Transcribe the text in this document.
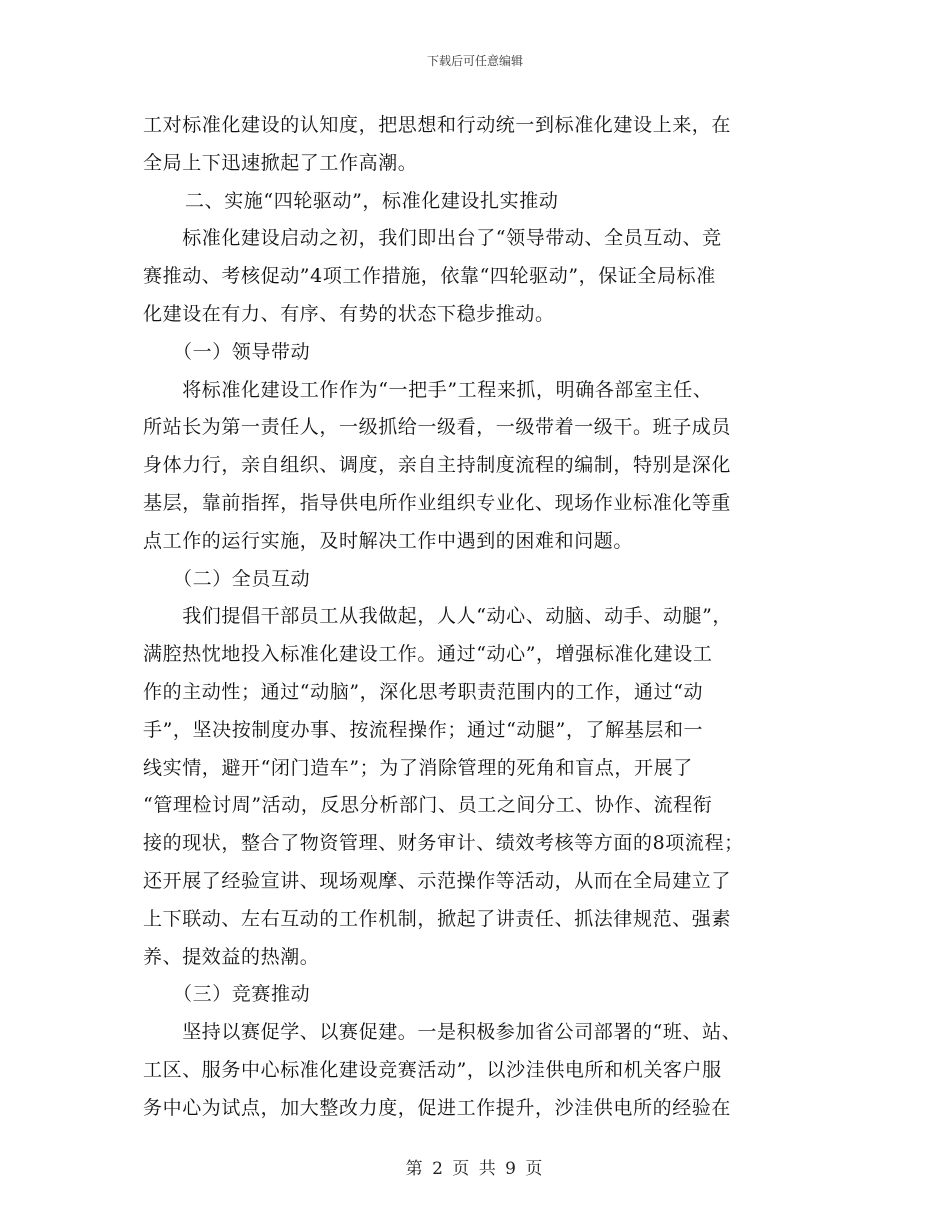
下载后可任意编辑
工对标准化建设的认知度，把思想和行动统一到标准化建设上来，在
全局上下迅速掀起了工作高潮。
二、实施“四轮驱动”，标准化建设扎实推动
　　标准化建设启动之初，我们即出台了“领导带动、全员互动、竞
赛推动、考核促动”4项工作措施，依靠“四轮驱动”，保证全局标准
化建设在有力、有序、有势的状态下稳步推动。
（一）领导带动
　　将标准化建设工作作为“一把手”工程来抓，明确各部室主任、
所站长为第一责任人，一级抓给一级看，一级带着一级干。班子成员
身体力行，亲自组织、调度，亲自主持制度流程的编制，特别是深化
基层，靠前指挥，指导供电所作业组织专业化、现场作业标准化等重
点工作的运行实施，及时解决工作中遇到的困难和问题。
（二）全员互动
　　我们提倡干部员工从我做起，人人“动心、动脑、动手、动腿”，
满腔热忱地投入标准化建设工作。通过“动心”，增强标准化建设工
作的主动性；通过“动脑”，深化思考职责范围内的工作，通过“动
手”，坚决按制度办事、按流程操作；通过“动腿”，了解基层和一
线实情，避开“闭门造车”；为了消除管理的死角和盲点，开展了
“管理检讨周”活动，反思分析部门、员工之间分工、协作、流程衔
接的现状，整合了物资管理、财务审计、绩效考核等方面的8项流程；
还开展了经验宣讲、现场观摩、示范操作等活动，从而在全局建立了
上下联动、左右互动的工作机制，掀起了讲责任、抓法律规范、强素
养、提效益的热潮。
（三）竞赛推动
　　坚持以赛促学、以赛促建。一是积极参加省公司部署的“班、站、
工区、服务中心标准化建设竞赛活动”，以沙洼供电所和机关客户服
务中心为试点，加大整改力度，促进工作提升，沙洼供电所的经验在
第 2 页 共 9 页
